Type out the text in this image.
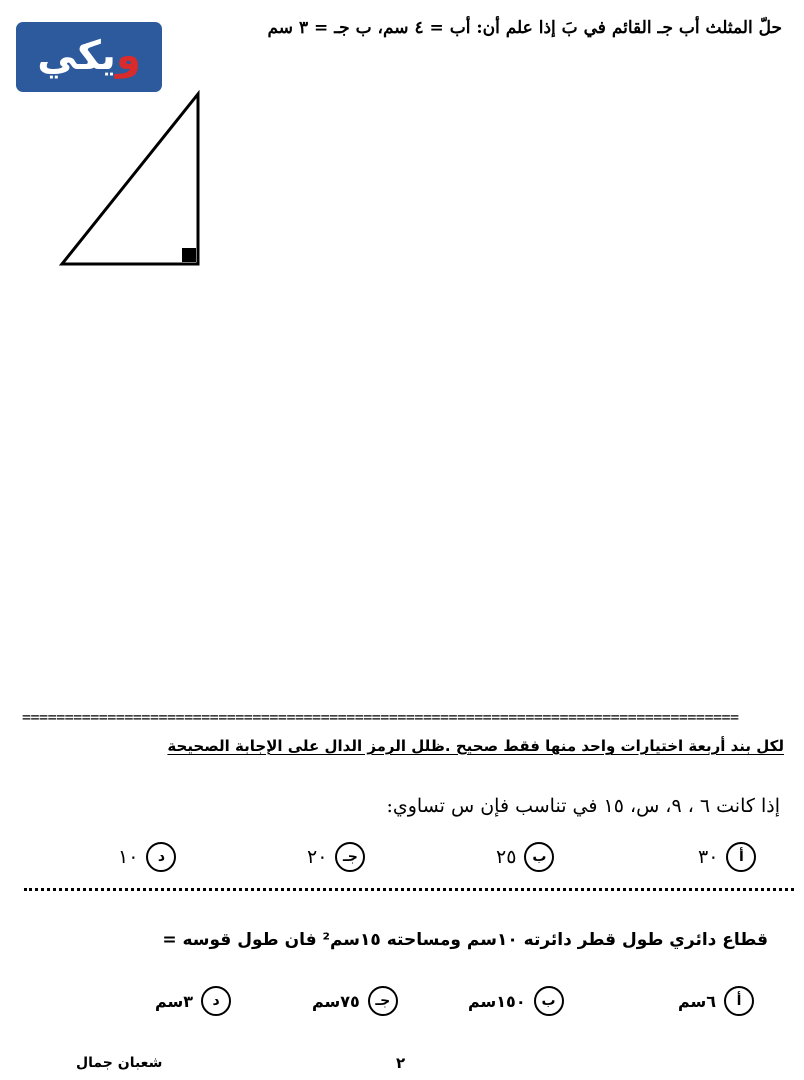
ويكي
حلّ المثلث أب جـ القائم في بَ إذا علم أن: أب = ٤ سم، ب جـ = ٣ سم
====================================================================================
لكل بند أربعة اختيارات واحد منها فقط صحيح .ظلل الرمز الدال على الإجابة الصحيحة
إذا كانت ٦ ، ٩، س، ١٥ في تناسب فإن س تساوي:
أ
٣٠
ب
٢٥
جـ
٢٠
د
١٠
قطاع دائري طول قطر دائرته ١٠سم ومساحته ١٥سم² فان طول قوسه =
أ
٦سم
ب
١٥٠سم
جـ
٧٥سم
د
٣سم
شعبان جمال	٢
